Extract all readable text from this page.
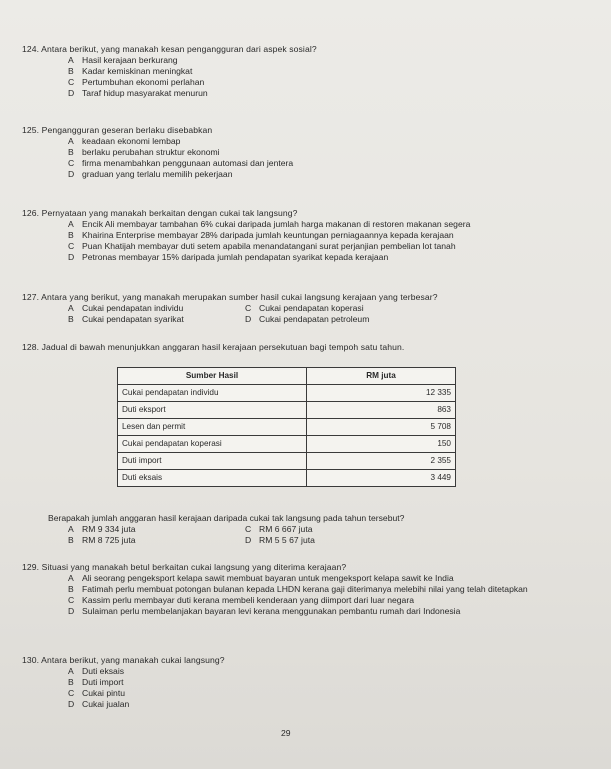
124. Antara berikut, yang manakah kesan pengangguran dari aspek sosial?
A Hasil kerajaan berkurang
B Kadar kemiskinan meningkat
C Pertumbuhan ekonomi perlahan
D Taraf hidup masyarakat menurun
125. Pengangguran geseran berlaku disebabkan
A keadaan ekonomi lembap
B berlaku perubahan struktur ekonomi
C firma menambahkan penggunaan automasi dan jentera
D graduan yang terlalu memilih pekerjaan
126. Pernyataan yang manakah berkaitan dengan cukai tak langsung?
A Encik Ali membayar tambahan 6% cukai daripada jumlah harga makanan di restoren makanan segera
B Khairina Enterprise membayar 28% daripada jumlah keuntungan perniagaannya kepada kerajaan
C Puan Khatijah membayar duti setem apabila menandatangani surat perjanjian pembelian lot tanah
D Petronas membayar 15% daripada jumlah pendapatan syarikat kepada kerajaan
127. Antara yang berikut, yang manakah merupakan sumber hasil cukai langsung kerajaan yang terbesar?
A Cukai pendapatan individu	C Cukai pendapatan koperasi
B Cukai pendapatan syarikat	D Cukai pendapatan petroleum
128. Jadual di bawah menunjukkan anggaran hasil kerajaan persekutuan bagi tempoh satu tahun.
Sumber Hasil	RM juta
Cukai pendapatan individu	12 335
Duti eksport	863
Lesen dan permit	5 708
Cukai pendapatan koperasi	150
Duti import	2 355
Duti eksais	3 449
Berapakah jumlah anggaran hasil kerajaan daripada cukai tak langsung pada tahun tersebut?
A RM 9 334 juta	C RM 6 667 juta
B RM 8 725 juta	D RM 5 5 67 juta
129. Situasi yang manakah betul berkaitan cukai langsung yang diterima kerajaan?
A Ali seorang pengeksport kelapa sawit membuat bayaran untuk mengeksport kelapa sawit ke India
B Fatimah perlu membuat potongan bulanan kepada LHDN kerana gaji diterimanya melebihi nilai yang telah ditetapkan
C Kassim perlu membayar duti kerana membeli kenderaan yang diimport dari luar negara
D Sulaiman perlu membelanjakan bayaran levi kerana menggunakan pembantu rumah dari Indonesia
130. Antara berikut, yang manakah cukai langsung?
A Duti eksais
B Duti import
C Cukai pintu
D Cukai jualan
29
